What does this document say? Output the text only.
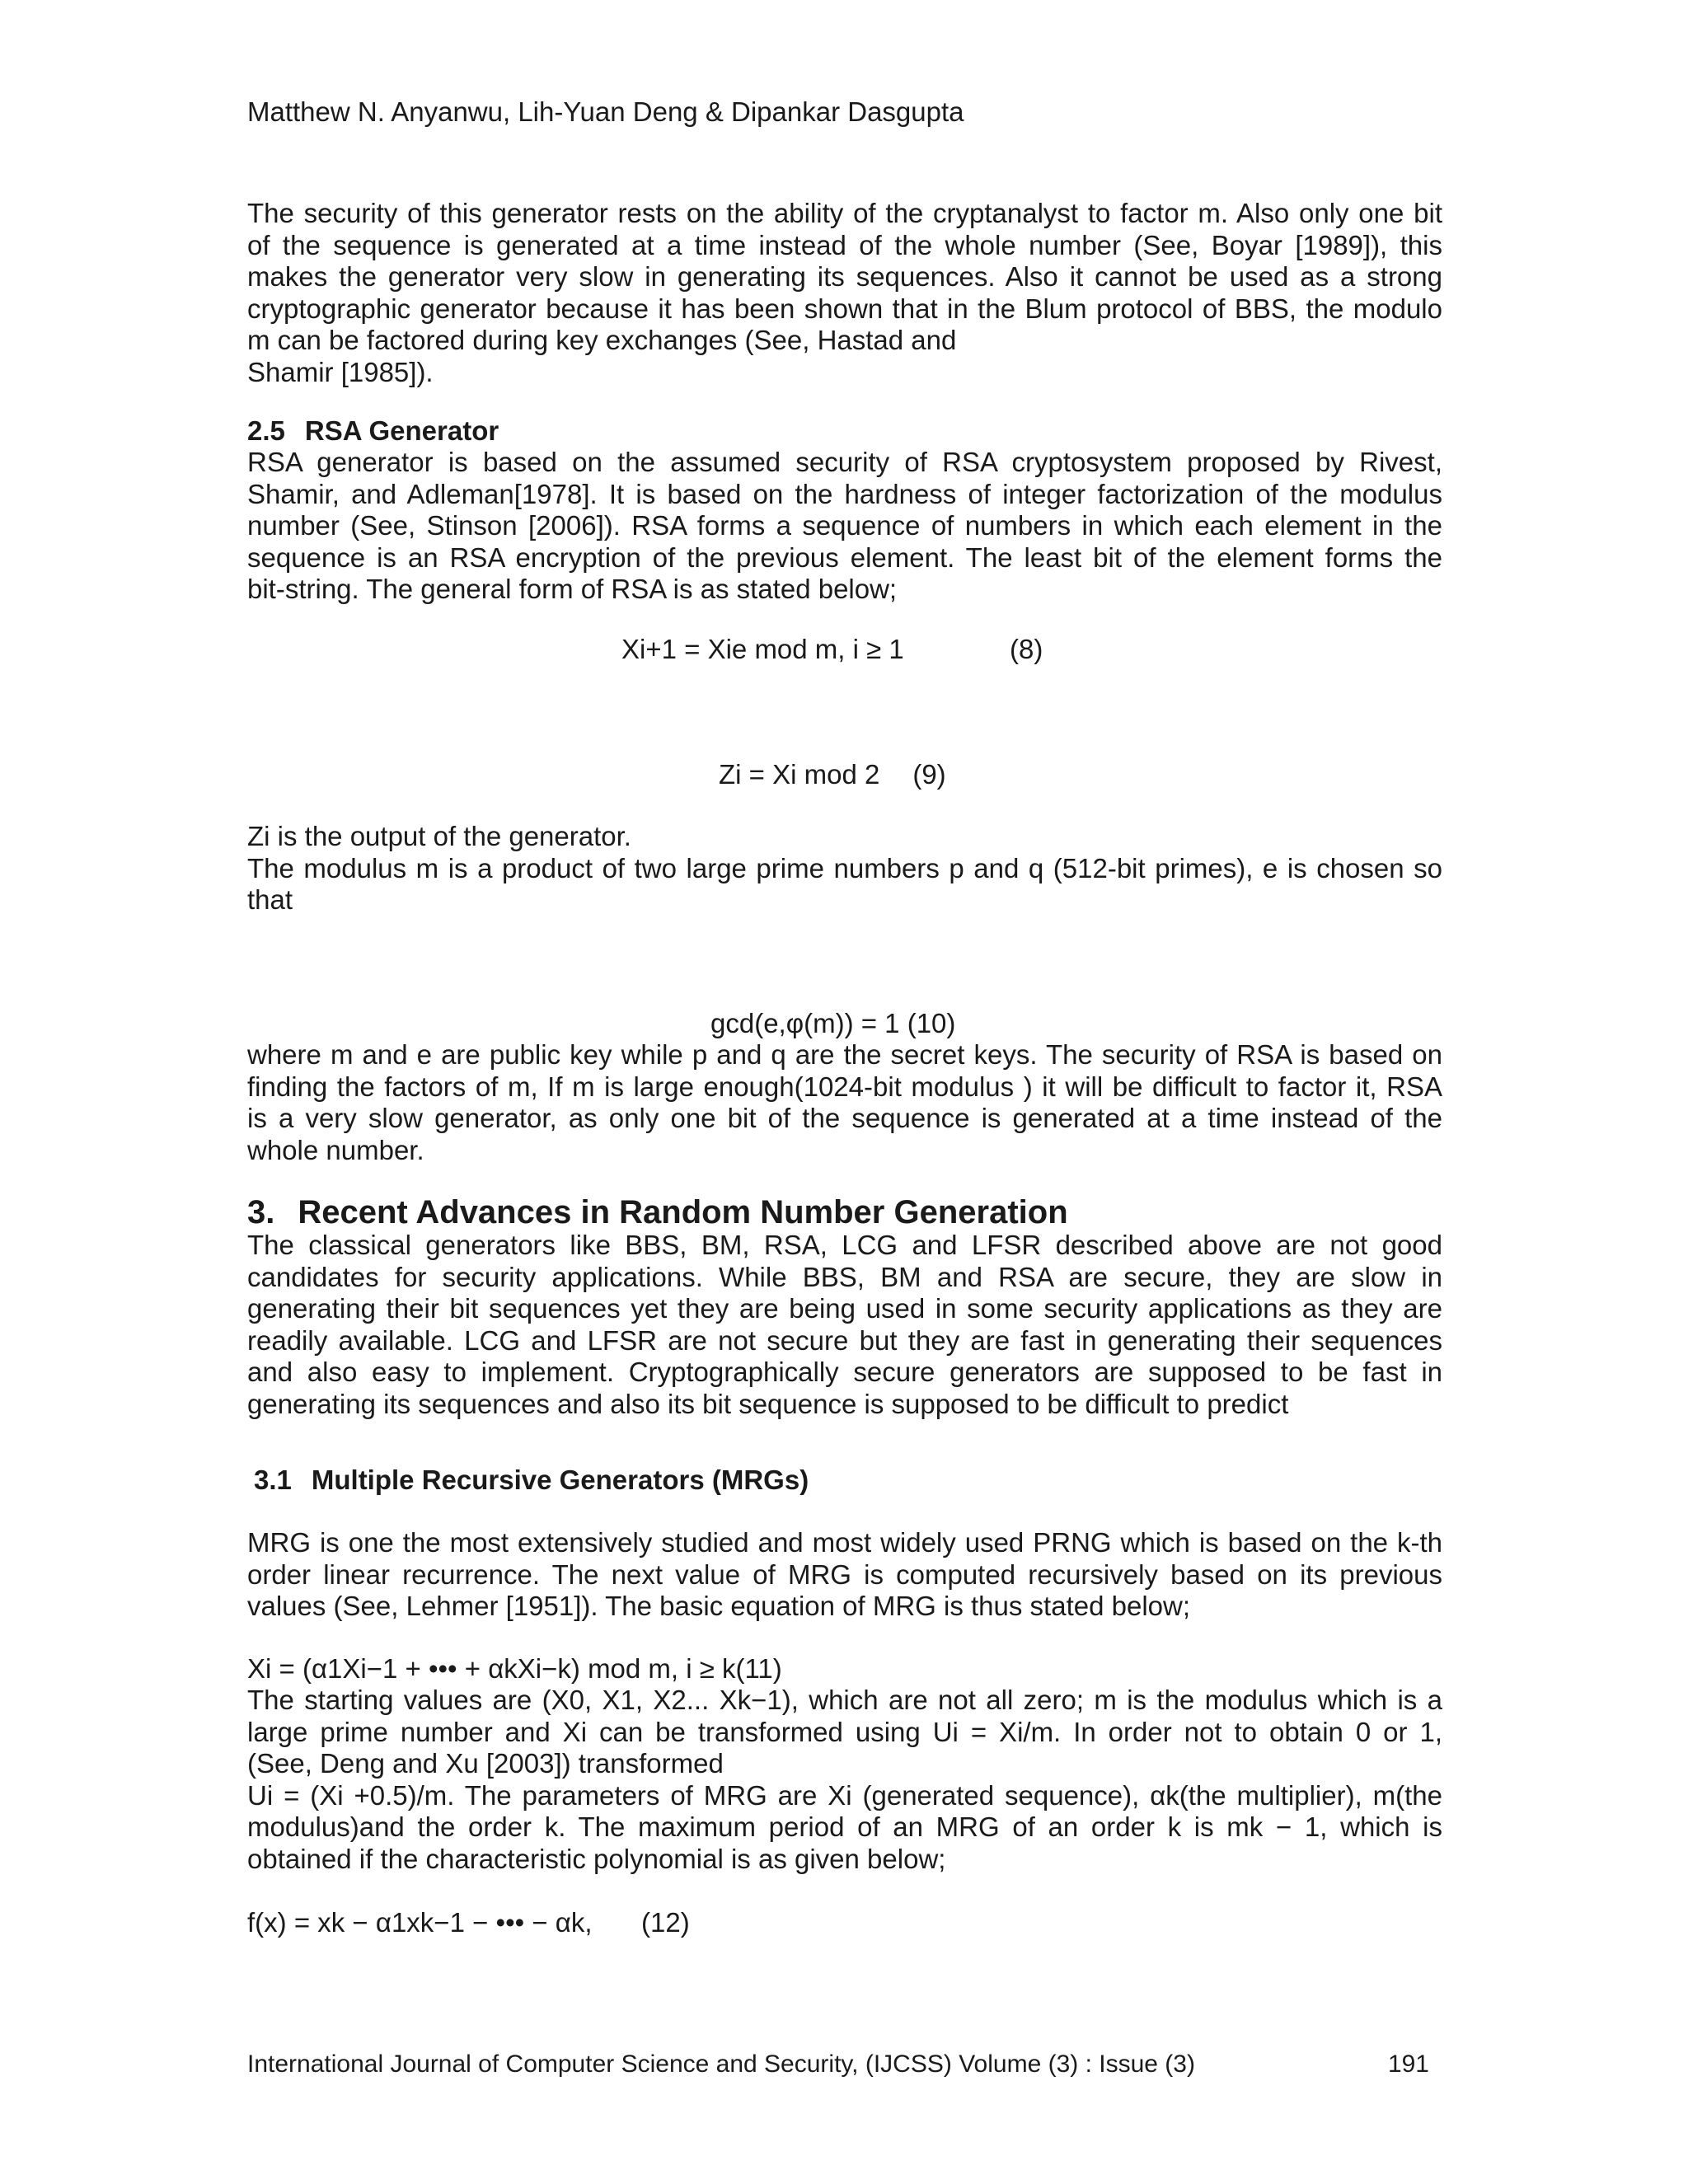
Matthew N. Anyanwu, Lih-Yuan Deng & Dipankar Dasgupta

The security of this generator rests on the ability of the cryptanalyst to factor m. Also only one bit
of the sequence is generated at a time instead of the whole number (See, Boyar [1989]), this
makes the generator very slow in generating its sequences. Also it cannot be used as a strong
cryptographic generator because it has been shown that in the Blum protocol of BBS, the modulo
m can be factored during key exchanges (See, Hastad and
Shamir [1985]).

2.5 RSA Generator

RSA generator is based on the assumed security of RSA cryptosystem proposed by Rivest,
Shamir, and Adleman[1978]. It is based on the hardness of integer factorization of the modulus
number (See, Stinson [2006]). RSA forms a sequence of numbers in which each element in the
sequence is an RSA encryption of the previous element. The least bit of the element forms the
bit-string. The general form of RSA is as stated below;

Xi+1 = Xie mod m, i ≥ 1	(8)
Zi = Xi mod 2 (9)

Zi is the output of the generator.
The modulus m is a product of two large prime numbers p and q (512-bit primes), e is chosen so
that

gcd(e,φ(m)) = 1 (10)

where m and e are public key while p and q are the secret keys. The security of RSA is based on
finding the factors of m, If m is large enough(1024-bit modulus ) it will be difficult to factor it, RSA
is a very slow generator, as only one bit of the sequence is generated at a time instead of the
whole number.

3. Recent Advances in Random Number Generation

The classical generators like BBS, BM, RSA, LCG and LFSR described above are not good
candidates for security applications. While BBS, BM and RSA are secure, they are slow in
generating their bit sequences yet they are being used in some security applications as they are
readily available. LCG and LFSR are not secure but they are fast in generating their sequences
and also easy to implement. Cryptographically secure generators are supposed to be fast in
generating its sequences and also its bit sequence is supposed to be difficult to predict

3.1 Multiple Recursive Generators (MRGs)

MRG is one the most extensively studied and most widely used PRNG which is based on the k-th
order linear recurrence. The next value of MRG is computed recursively based on its previous
values (See, Lehmer [1951]). The basic equation of MRG is thus stated below;

Xi = (α1Xi−1 + ••• + αkXi−k) mod m, i ≥ k(11)

The starting values are (X0, X1, X2... Xk−1), which are not all zero; m is the modulus which is a
large prime number and Xi can be transformed using Ui = Xi/m. In order not to obtain 0 or 1,
(See, Deng and Xu [2003]) transformed
Ui = (Xi +0.5)/m. The parameters of MRG are Xi (generated sequence), αk(the multiplier), m(the
modulus)and the order k. The maximum period of an MRG of an order k is mk − 1, which is
obtained if the characteristic polynomial is as given below;

f(x) = xk − α1xk−1 − ••• − αk, (12)
International Journal of Computer Science and Security, (IJCSS) Volume (3) : Issue (3)	191
